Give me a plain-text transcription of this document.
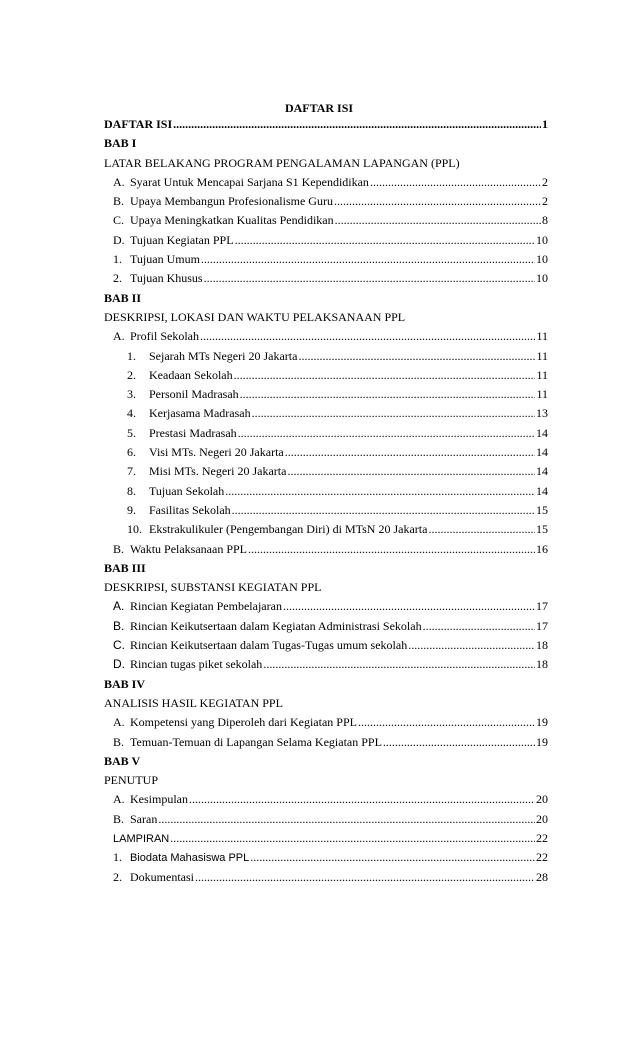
DAFTAR ISI
DAFTAR ISI .....	1
BAB I
LATAR BELAKANG PROGRAM PENGALAMAN LAPANGAN (PPL)
A. Syarat Untuk Mencapai Sarjana S1 Kependidikan .....	2
B. Upaya Membangun Profesionalisme Guru .....	2
C. Upaya Meningkatkan Kualitas Pendidikan .....	8
D. Tujuan Kegiatan PPL .....	10
1. Tujuan Umum .....	10
2. Tujuan Khusus .....	10
BAB II
DESKRIPSI, LOKASI DAN WAKTU PELAKSANAAN PPL
A. Profil Sekolah .....	11
1.	Sejarah MTs Negeri 20 Jakarta .....	11
2.	Keadaan Sekolah .....	11
3.	Personil Madrasah .....	11
4.	Kerjasama Madrasah .....	13
5.	Prestasi Madrasah .....	14
6.	Visi MTs. Negeri 20 Jakarta .....	14
7.	Misi MTs. Negeri 20 Jakarta .....	14
8.	Tujuan Sekolah .....	14
9.	Fasilitas Sekolah .....	15
10. Ekstrakulikuler (Pengembangan Diri) di MTsN 20 Jakarta .....	15
B. Waktu Pelaksanaan PPL .....	16
BAB III
DESKRIPSI, SUBSTANSI KEGIATAN PPL
A. Rincian Kegiatan Pembelajaran .....	17
B. Rincian Keikutsertaan dalam Kegiatan Administrasi Sekolah .....	17
C. Rincian Keikutsertaan dalam Tugas-Tugas umum sekolah .....	18
D. Rincian tugas piket sekolah .....	18
BAB IV
ANALISIS HASIL KEGIATAN PPL
A. Kompetensi yang Diperoleh dari Kegiatan PPL .....	19
B. Temuan-Temuan di Lapangan Selama Kegiatan PPL .....	19
BAB V
PENUTUP
A. Kesimpulan .....	20
B. Saran .....	20
LAMPIRAN .....	22
1. Biodata Mahasiswa PPL .....	22
2. Dokumentasi .....	28
